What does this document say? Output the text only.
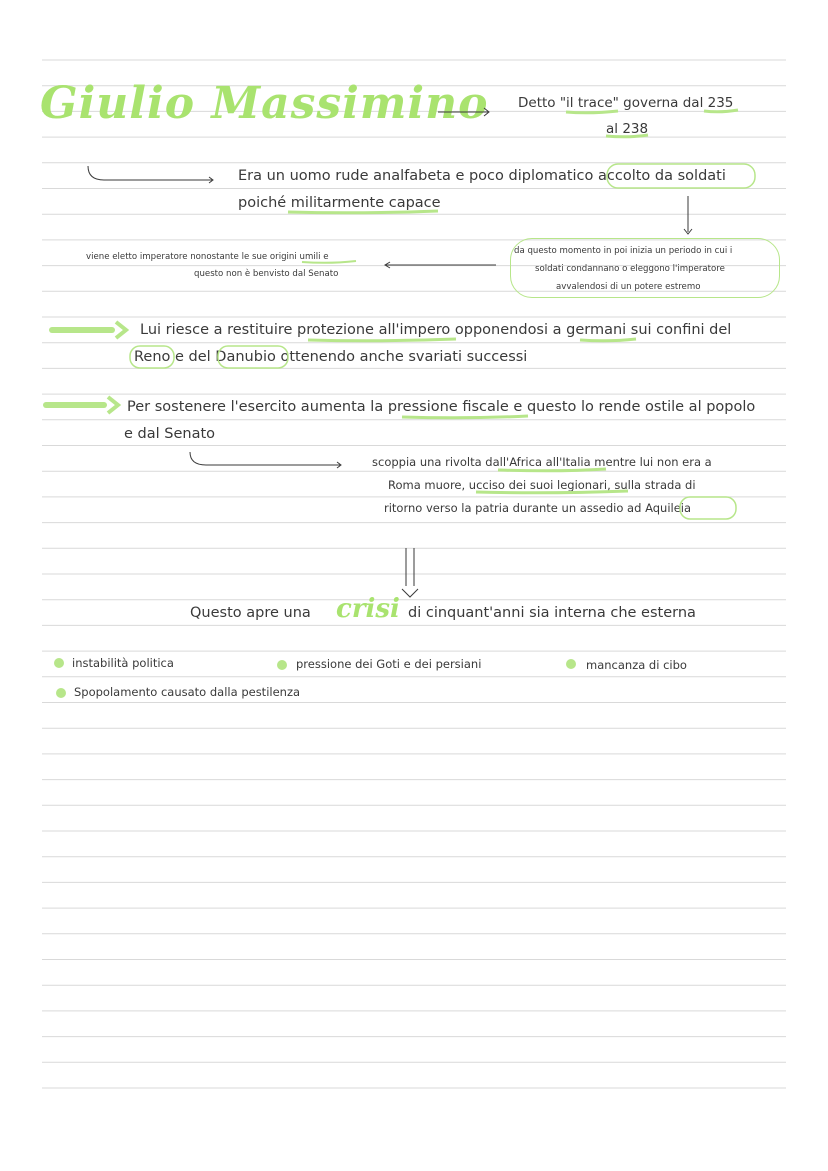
Giulio Massimino Detto "il trace" governa dal 235
al 238
Era un uomo rude analfabeta e poco diplomatico accolto da soldati
poiché militarmente capace
viene eletto imperatore nonostante le sue origini umili e
questo non è benvisto dal Senato
da questo momento in poi inizia un periodo in cui i
soldati condannano o eleggono l'imperatore
avvalendosi di un potere estremo
Lui riesce a restituire protezione all'impero opponendosi a germani sui confini del
Reno e del Danubio ottenendo anche svariati successi
Per sostenere l'esercito aumenta la pressione fiscale e questo lo rende ostile al popolo
e dal Senato
scoppia una rivolta dall'Africa all'Italia mentre lui non era a
Roma muore, ucciso dei suoi legionari, sulla strada di
ritorno verso la patria durante un assedio ad Aquileia
Questo apre una crisi di cinquant'anni sia interna che esterna
instabilità politica	pressione dei Goti e dei persiani	mancanza di cibo
Spopolamento causato dalla pestilenza
